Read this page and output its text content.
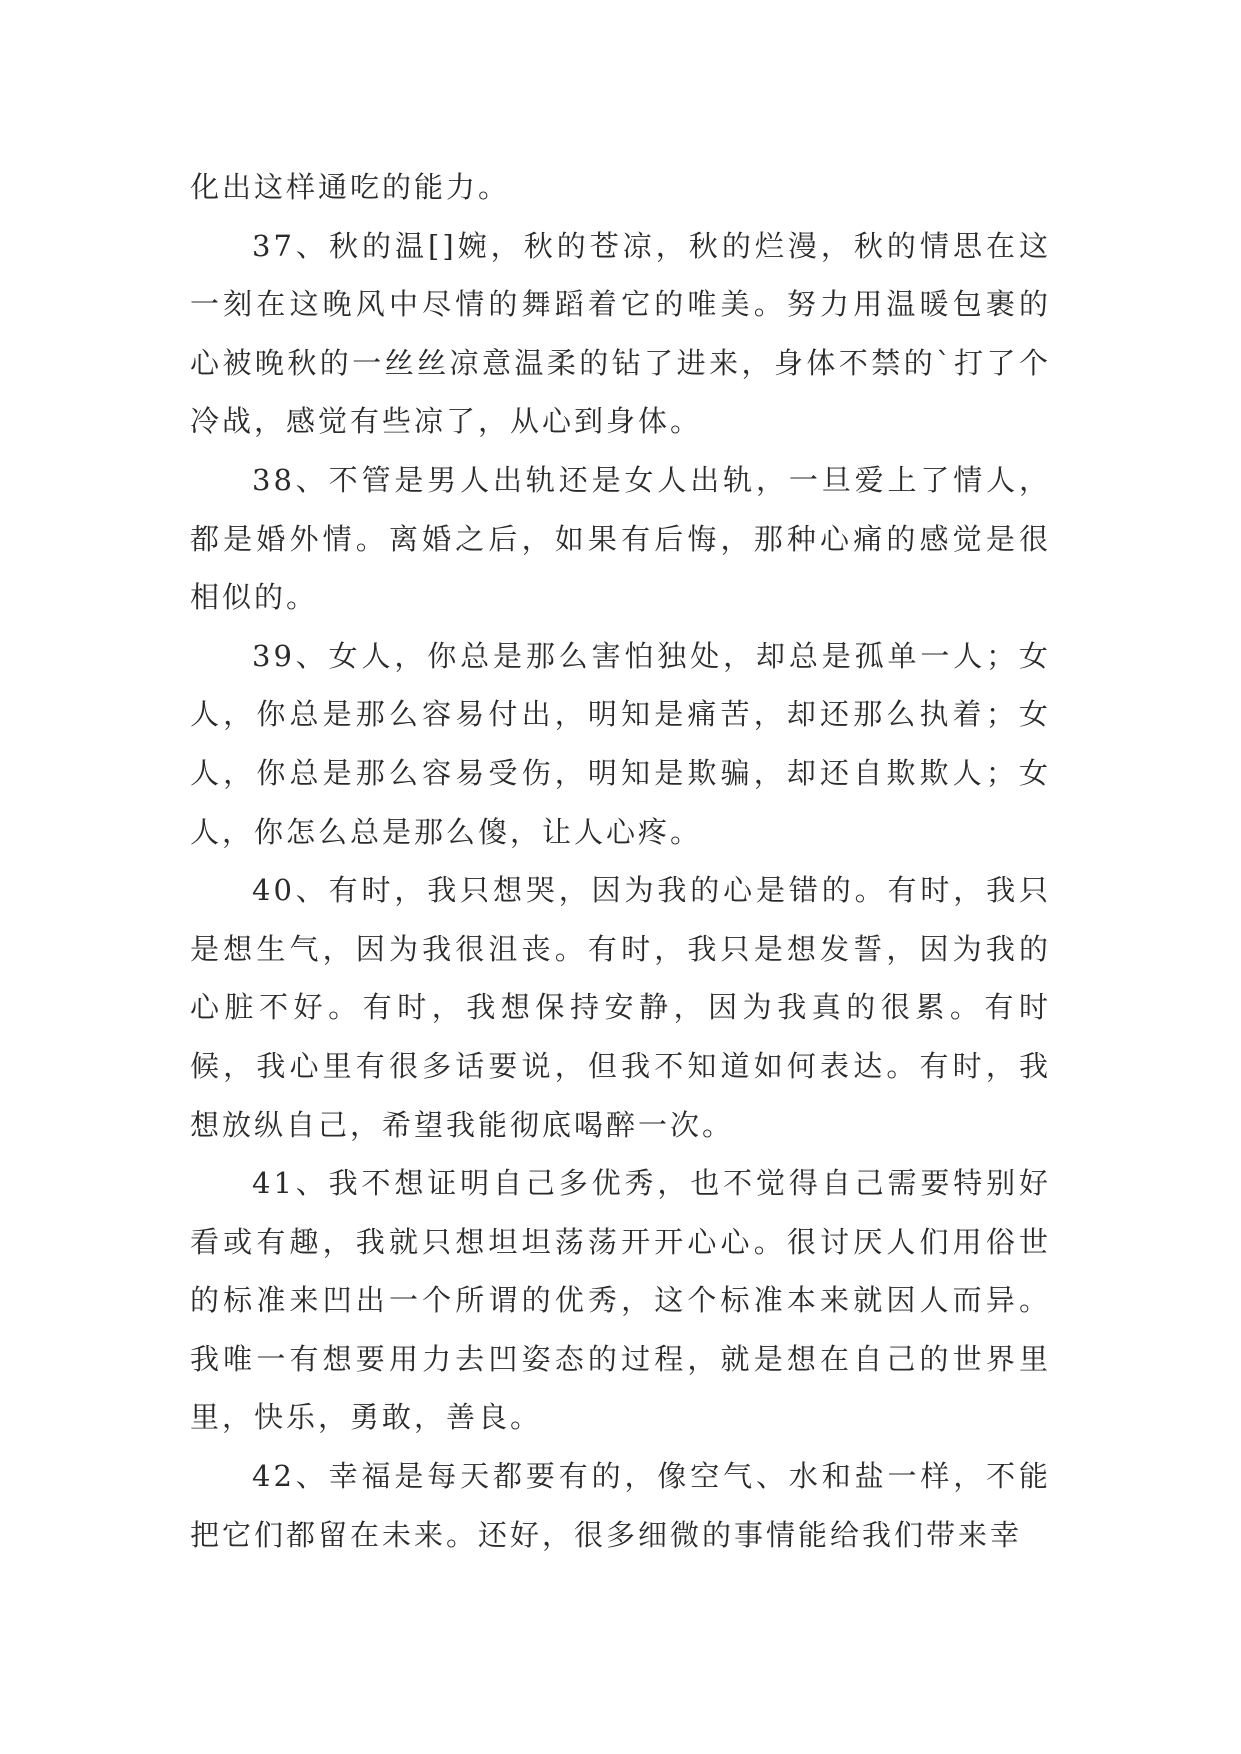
化出这样通吃的能力。

37、秋的温[]婉，秋的苍凉，秋的烂漫，秋的情思在这一刻在这晚风中尽情的舞蹈着它的唯美。努力用温暖包裹的心被晚秋的一丝丝凉意温柔的钻了进来，身体不禁的`打了个冷战，感觉有些凉了，从心到身体。

38、不管是男人出轨还是女人出轨，一旦爱上了情人，都是婚外情。离婚之后，如果有后悔，那种心痛的感觉是很相似的。

39、女人，你总是那么害怕独处，却总是孤单一人；女人，你总是那么容易付出，明知是痛苦，却还那么执着；女人，你总是那么容易受伤，明知是欺骗，却还自欺欺人；女人，你怎么总是那么傻，让人心疼。

40、有时，我只想哭，因为我的心是错的。有时，我只是想生气，因为我很沮丧。有时，我只是想发誓，因为我的心脏不好。有时，我想保持安静，因为我真的很累。有时候，我心里有很多话要说，但我不知道如何表达。有时，我想放纵自己，希望我能彻底喝醉一次。

41、我不想证明自己多优秀，也不觉得自己需要特别好看或有趣，我就只想坦坦荡荡开开心心。很讨厌人们用俗世的标准来凹出一个所谓的优秀，这个标准本来就因人而异。我唯一有想要用力去凹姿态的过程，就是想在自己的世界里里，快乐，勇敢，善良。

42、幸福是每天都要有的，像空气、水和盐一样，不能把它们都留在未来。还好，很多细微的事情能给我们带来幸
